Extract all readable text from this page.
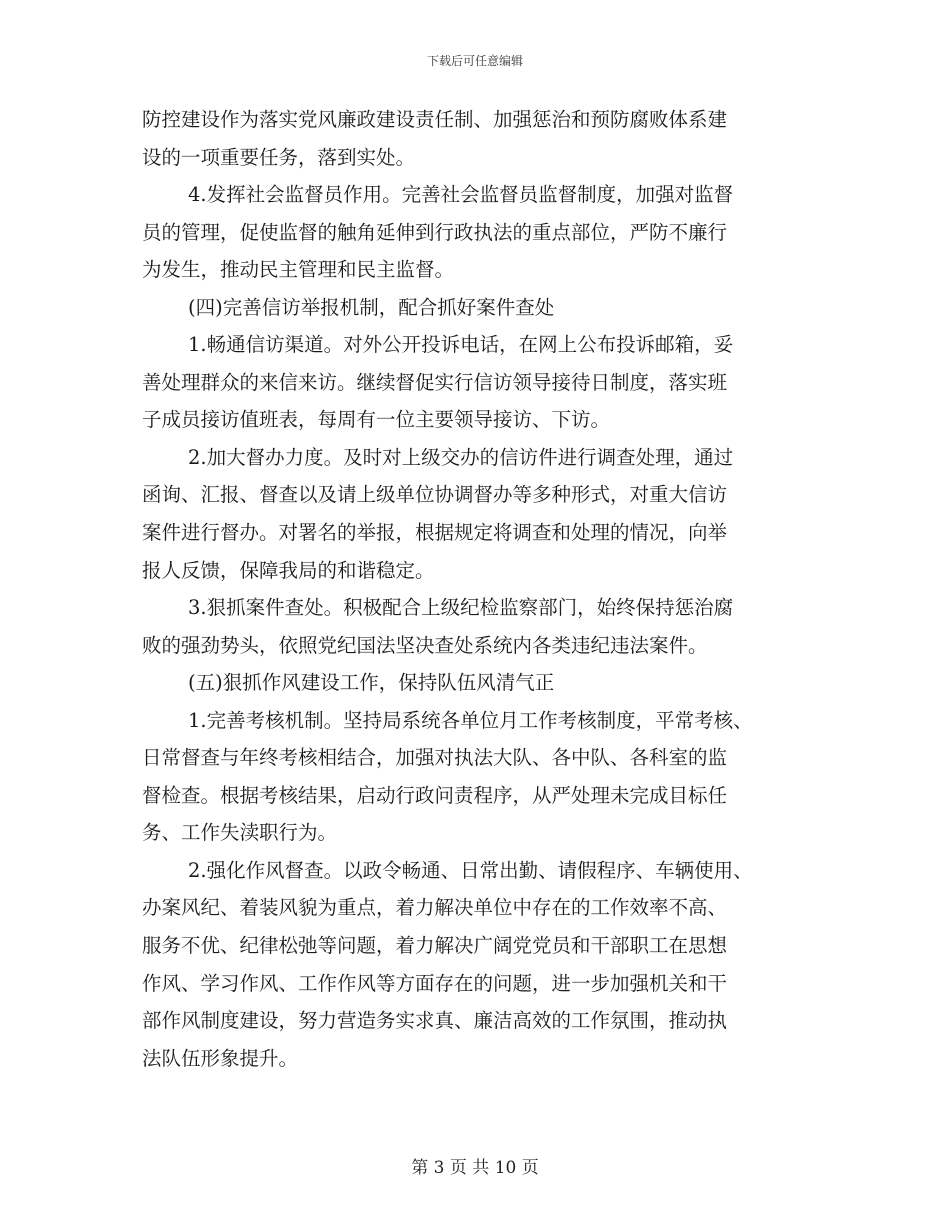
下载后可任意编辑
防控建设作为落实党风廉政建设责任制、加强惩治和预防腐败体系建
设的一项重要任务，落到实处。
4.发挥社会监督员作用。完善社会监督员监督制度，加强对监督
员的管理，促使监督的触角延伸到行政执法的重点部位，严防不廉行
为发生，推动民主管理和民主监督。
(四)完善信访举报机制，配合抓好案件查处
1.畅通信访渠道。对外公开投诉电话，在网上公布投诉邮箱，妥
善处理群众的来信来访。继续督促实行信访领导接待日制度，落实班
子成员接访值班表，每周有一位主要领导接访、下访。
2.加大督办力度。及时对上级交办的信访件进行调查处理，通过
函询、汇报、督查以及请上级单位协调督办等多种形式，对重大信访
案件进行督办。对署名的举报，根据规定将调查和处理的情况，向举
报人反馈，保障我局的和谐稳定。
3.狠抓案件查处。积极配合上级纪检监察部门，始终保持惩治腐
败的强劲势头，依照党纪国法坚决查处系统内各类违纪违法案件。
(五)狠抓作风建设工作，保持队伍风清气正
1.完善考核机制。坚持局系统各单位月工作考核制度，平常考核、
日常督查与年终考核相结合，加强对执法大队、各中队、各科室的监
督检查。根据考核结果，启动行政问责程序，从严处理未完成目标任
务、工作失渎职行为。
2.强化作风督查。以政令畅通、日常出勤、请假程序、车辆使用、
办案风纪、着装风貌为重点，着力解决单位中存在的工作效率不高、
服务不优、纪律松弛等问题，着力解决广阔党党员和干部职工在思想
作风、学习作风、工作作风等方面存在的问题，进一步加强机关和干
部作风制度建设，努力营造务实求真、廉洁高效的工作氛围，推动执
法队伍形象提升。
第 3 页 共 10 页
